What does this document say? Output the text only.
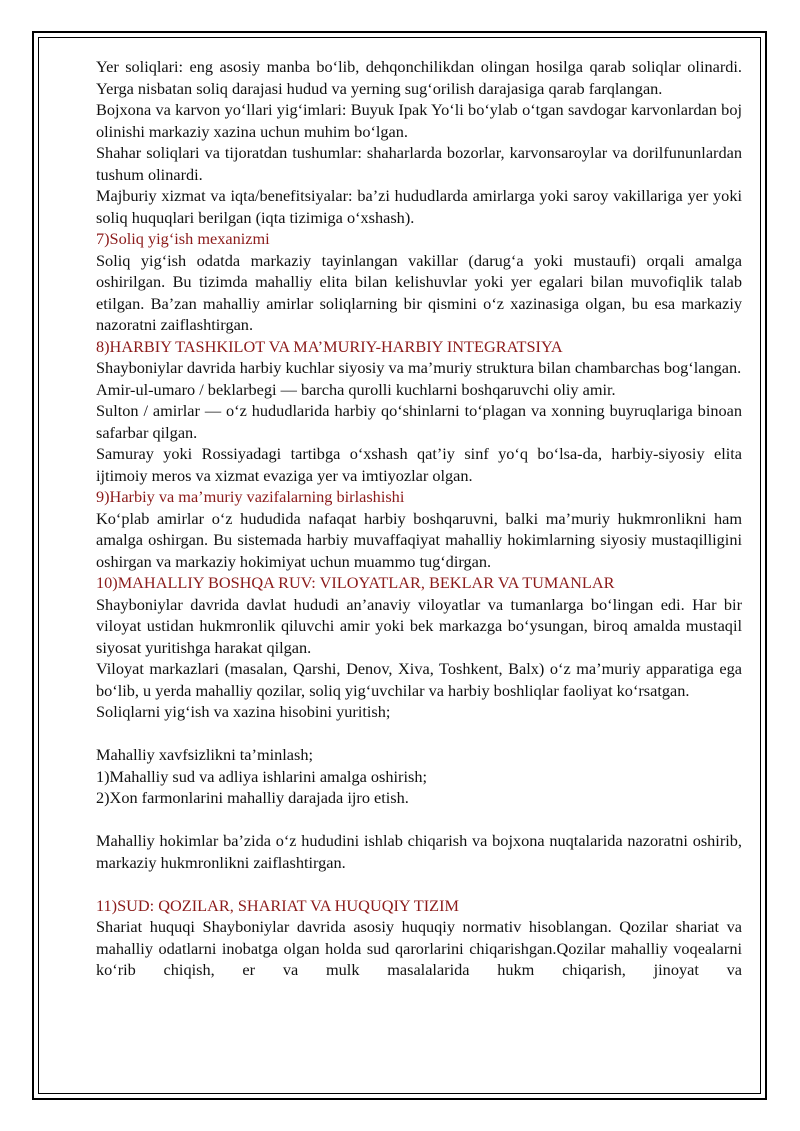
Yer soliqlari: eng asosiy manba bo‘lib, dehqonchilikdan olingan hosilga qarab soliqlar olinardi. Yerga nisbatan soliq darajasi hudud va yerning sug‘orilish darajasiga qarab farqlangan.
Bojxona va karvon yo‘llari yig‘imlari: Buyuk Ipak Yo‘li bo‘ylab o‘tgan savdogar karvonlardan boj olinishi markaziy xazina uchun muhim bo‘lgan.
Shahar soliqlari va tijoratdan tushumlar: shaharlarda bozorlar, karvonsaroylar va dorilfununlardan tushum olinardi.
Majburiy xizmat va iqta/benefitsiyalar: ba’zi hududlarda amirlarga yoki saroy vakillariga yer yoki soliq huquqlari berilgan (iqta tizimiga o‘xshash).
7)Soliq yig‘ish mexanizmi
Soliq yig‘ish odatda markaziy tayinlangan vakillar (darug‘a yoki mustaufi) orqali amalga oshirilgan. Bu tizimda mahalliy elita bilan kelishuvlar yoki yer egalari bilan muvofiqlik talab etilgan. Ba’zan mahalliy amirlar soliqlarning bir qismini o‘z xazinasiga olgan, bu esa markaziy nazoratni zaiflashtirgan.
8)HARBIY TASHKILOT VA MA’MURIY-HARBIY INTEGRATSIYA
Shayboniylar davrida harbiy kuchlar siyosiy va ma’muriy struktura bilan chambarchas bog‘langan.
Amir-ul-umaro / beklarbegi — barcha qurolli kuchlarni boshqaruvchi oliy amir.
Sulton / amirlar — o‘z hududlarida harbiy qo‘shinlarni to‘plagan va xonning buyruqlariga binoan safarbar qilgan.
Samuray yoki Rossiyadagi tartibga o‘xshash qat’iy sinf yo‘q bo‘lsa-da, harbiy-siyosiy elita ijtimoiy meros va xizmat evaziga yer va imtiyozlar olgan.
9)Harbiy va ma’muriy vazifalarning birlashishi
Ko‘plab amirlar o‘z hududida nafaqat harbiy boshqaruvni, balki ma’muriy hukmronlikni ham amalga oshirgan. Bu sistemada harbiy muvaffaqiyat mahalliy hokimlarning siyosiy mustaqilligini oshirgan va markaziy hokimiyat uchun muammo tug‘dirgan.
10)MAHALLIY BOSHQA RUV: VILOYATLAR, BEKLAR VA TUMANLAR
Shayboniylar davrida davlat hududi an’anaviy viloyatlar va tumanlarga bo‘lingan edi. Har bir viloyat ustidan hukmronlik qiluvchi amir yoki bek markazga bo‘ysungan, biroq amalda mustaqil siyosat yuritishga harakat qilgan.
Viloyat markazlari (masalan, Qarshi, Denov, Xiva, Toshkent, Balx) o‘z ma’muriy apparatiga ega bo‘lib, u yerda mahalliy qozilar, soliq yig‘uvchilar va harbiy boshliqlar faoliyat ko‘rsatgan.
Soliqlarni yig‘ish va xazina hisobini yuritish;
Mahalliy xavfsizlikni ta’minlash;
1)Mahalliy sud va adliya ishlarini amalga oshirish;
2)Xon farmonlarini mahalliy darajada ijro etish.
Mahalliy hokimlar ba’zida o‘z hududini ishlab chiqarish va bojxona nuqtalarida nazoratni oshirib, markaziy hukmronlikni zaiflashtirgan.
11)SUD: QOZILAR, SHARIAT VA HUQUQIY TIZIM
Shariat huquqi Shayboniylar davrida asosiy huquqiy normativ hisoblangan. Qozilar shariat va mahalliy odatlarni inobatga olgan holda sud qarorlarini chiqarishgan.Qozilar mahalliy voqealarni ko‘rib chiqish, er va mulk masalalarida hukm chiqarish, jinoyat va
